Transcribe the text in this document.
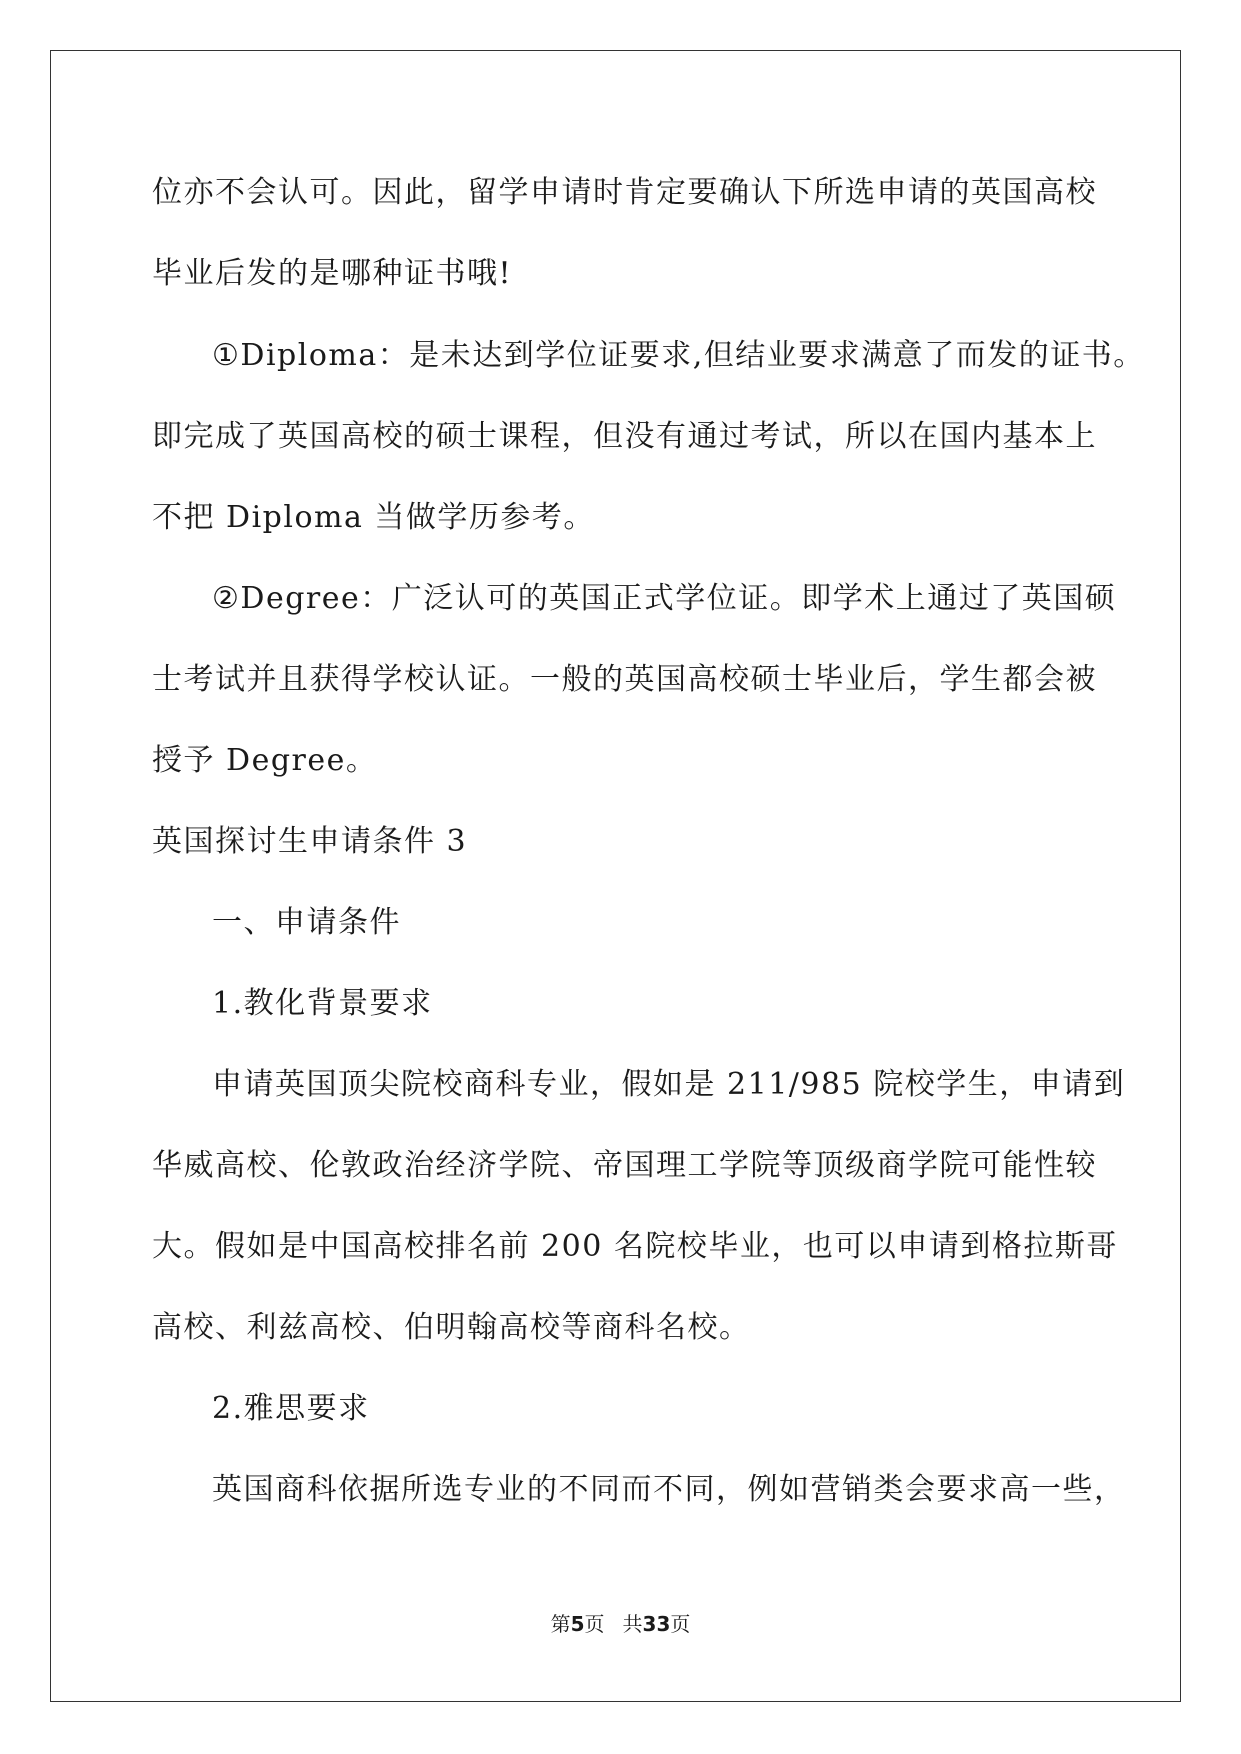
位亦不会认可。因此，留学申请时肯定要确认下所选申请的英国高校
毕业后发的是哪种证书哦!
①Diploma：是未达到学位证要求,但结业要求满意了而发的证书。
即完成了英国高校的硕士课程，但没有通过考试，所以在国内基本上
不把 Diploma 当做学历参考。
②Degree：广泛认可的英国正式学位证。即学术上通过了英国硕
士考试并且获得学校认证。一般的英国高校硕士毕业后，学生都会被
授予 Degree。
英国探讨生申请条件 3
一、申请条件
1.教化背景要求
申请英国顶尖院校商科专业，假如是 211/985 院校学生，申请到
华威高校、伦敦政治经济学院、帝国理工学院等顶级商学院可能性较
大。假如是中国高校排名前 200 名院校毕业，也可以申请到格拉斯哥
高校、利兹高校、伯明翰高校等商科名校。
2.雅思要求
英国商科依据所选专业的不同而不同，例如营销类会要求高一些，
第5页 共33页
